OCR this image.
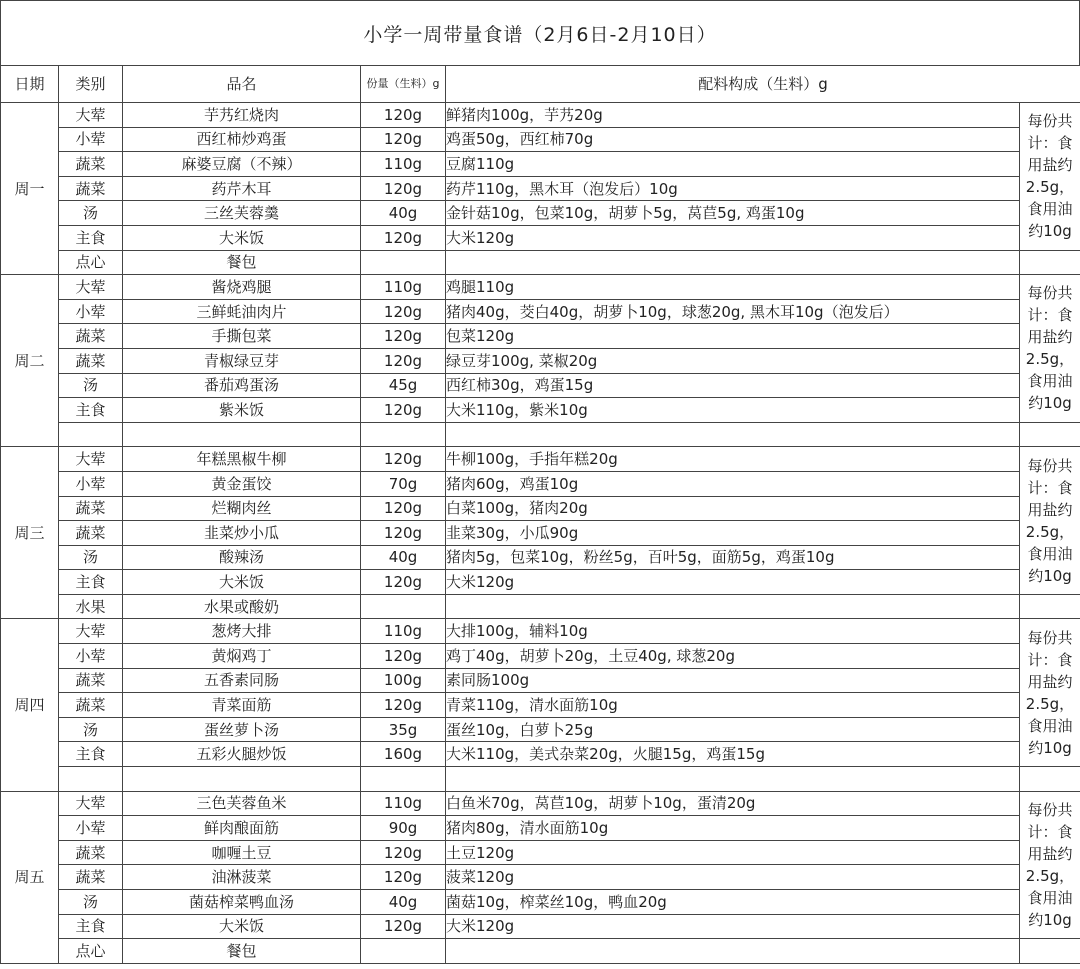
小学一周带量食谱（2月6日-2月10日）
日期	类别	品名	份量（生料）g	配料构成（生料）g	
周一	大荤	芋艿红烧肉	120g	鲜猪肉100g，芋艿20g	每份共计：食用盐约2.5g，食用油约10g
	小荤	西红柿炒鸡蛋	120g	鸡蛋50g，西红柿70g	
	蔬菜	麻婆豆腐（不辣）	110g	豆腐110g	
	蔬菜	药芹木耳	120g	药芹110g，黑木耳（泡发后）10g	
	汤	三丝芙蓉羹	40g	金针菇10g，包菜10g，胡萝卜5g，莴苣5g, 鸡蛋10g	
	主食	大米饭	120g	大米120g	
	点心	餐包			
周二	大荤	酱烧鸡腿	110g	鸡腿110g	每份共计：食用盐约2.5g，食用油约10g
	小荤	三鲜蚝油肉片	120g	猪肉40g，茭白40g，胡萝卜10g，球葱20g, 黑木耳10g（泡发后）	
	蔬菜	手撕包菜	120g	包菜120g	
	蔬菜	青椒绿豆芽	120g	绿豆芽100g, 菜椒20g	
	汤	番茄鸡蛋汤	45g	西红柿30g，鸡蛋15g	
	主食	紫米饭	120g	大米110g，紫米10g	

周三	大荤	年糕黑椒牛柳	120g	牛柳100g，手指年糕20g	每份共计：食用盐约2.5g，食用油约10g
	小荤	黄金蛋饺	70g	猪肉60g，鸡蛋10g	
	蔬菜	烂糊肉丝	120g	白菜100g，猪肉20g	
	蔬菜	韭菜炒小瓜	120g	韭菜30g，小瓜90g	
	汤	酸辣汤	40g	猪肉5g，包菜10g，粉丝5g，百叶5g，面筋5g，鸡蛋10g	
	主食	大米饭	120g	大米120g	
	水果	水果或酸奶			
周四	大荤	葱烤大排	110g	大排100g，辅料10g	每份共计：食用盐约2.5g，食用油约10g
	小荤	黄焖鸡丁	120g	鸡丁40g，胡萝卜20g，土豆40g, 球葱20g	
	蔬菜	五香素同肠	100g	素同肠100g	
	蔬菜	青菜面筋	120g	青菜110g，清水面筋10g	
	汤	蛋丝萝卜汤	35g	蛋丝10g，白萝卜25g	
	主食	五彩火腿炒饭	160g	大米110g，美式杂菜20g，火腿15g，鸡蛋15g	

周五	大荤	三色芙蓉鱼米	110g	白鱼米70g，莴苣10g，胡萝卜10g，蛋清20g	每份共计：食用盐约2.5g，食用油约10g
	小荤	鲜肉酿面筋	90g	猪肉80g，清水面筋10g	
	蔬菜	咖喱土豆	120g	土豆120g	
	蔬菜	油淋菠菜	120g	菠菜120g	
	汤	菌菇榨菜鸭血汤	40g	菌菇10g，榨菜丝10g，鸭血20g	
	主食	大米饭	120g	大米120g	
	点心	餐包			
